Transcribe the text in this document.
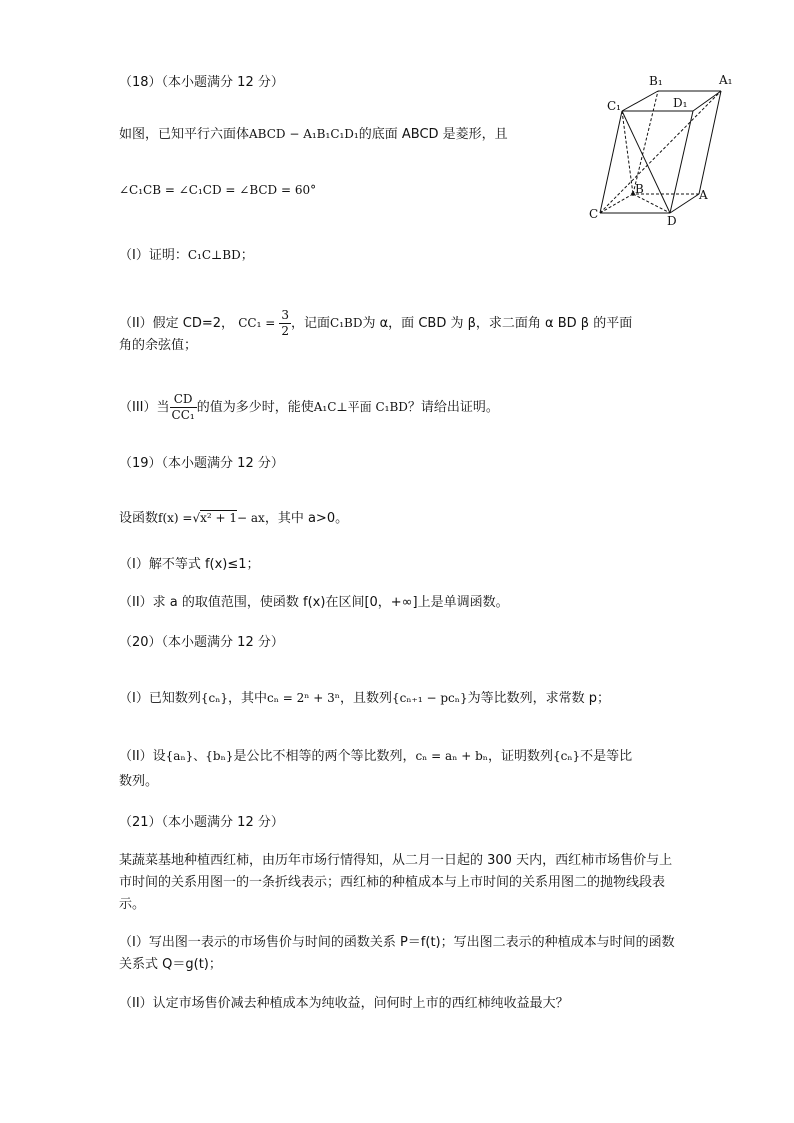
（18）（本小题满分 12 分）
如图，已知平行六面体ABCD − A₁B₁C₁D₁的底面 ABCD 是菱形，且
∠C₁CB = ∠C₁CD = ∠BCD = 60°
（I）证明：C₁C⊥BD；
（II）假定 CD=2， $CC_1 = \frac{3}{2}$ ，记面C₁BD为 α，面 CBD 为 β，求二面角 α BD β 的平面
角的余弦值；
（III）当 $\frac{CD}{\text{CC₁}}$ 的值为多少时，能使A₁C⊥平面 C₁BD？请给出证明。
B₁	A₁
C₁	D₁
B	A
C	D
（19）（本小题满分 12 分）
设函数f(x) =√x² + 1− ax，其中 a>0。
（I）解不等式 f(x)≤1；
（II）求 a 的取值范围，使函数 f(x)在区间[0，+∞]上是单调函数。
（20）（本小题满分 12 分）
（I）已知数列{cₙ}，其中cₙ = 2ⁿ + 3ⁿ，且数列{cₙ₊₁ − pcₙ}为等比数列，求常数 p；
（II）设{aₙ}、{bₙ}是公比不相等的两个等比数列，cₙ = aₙ + bₙ，证明数列{cₙ}不是等比
数列。
（21）（本小题满分 12 分）
某蔬菜基地种植西红柿，由历年市场行情得知，从二月一日起的 300 天内，西红柿市场售价与上市时间的关系用图一的一条折线表示；西红柿的种植成本与上市时间的关系用图二的抛物线段表示。
（I）写出图一表示的市场售价与时间的函数关系 P＝f(t)；写出图二表示的种植成本与时间的函数关系式 Q＝g(t)；
（II）认定市场售价减去种植成本为纯收益，问何时上市的西红柿纯收益最大？
